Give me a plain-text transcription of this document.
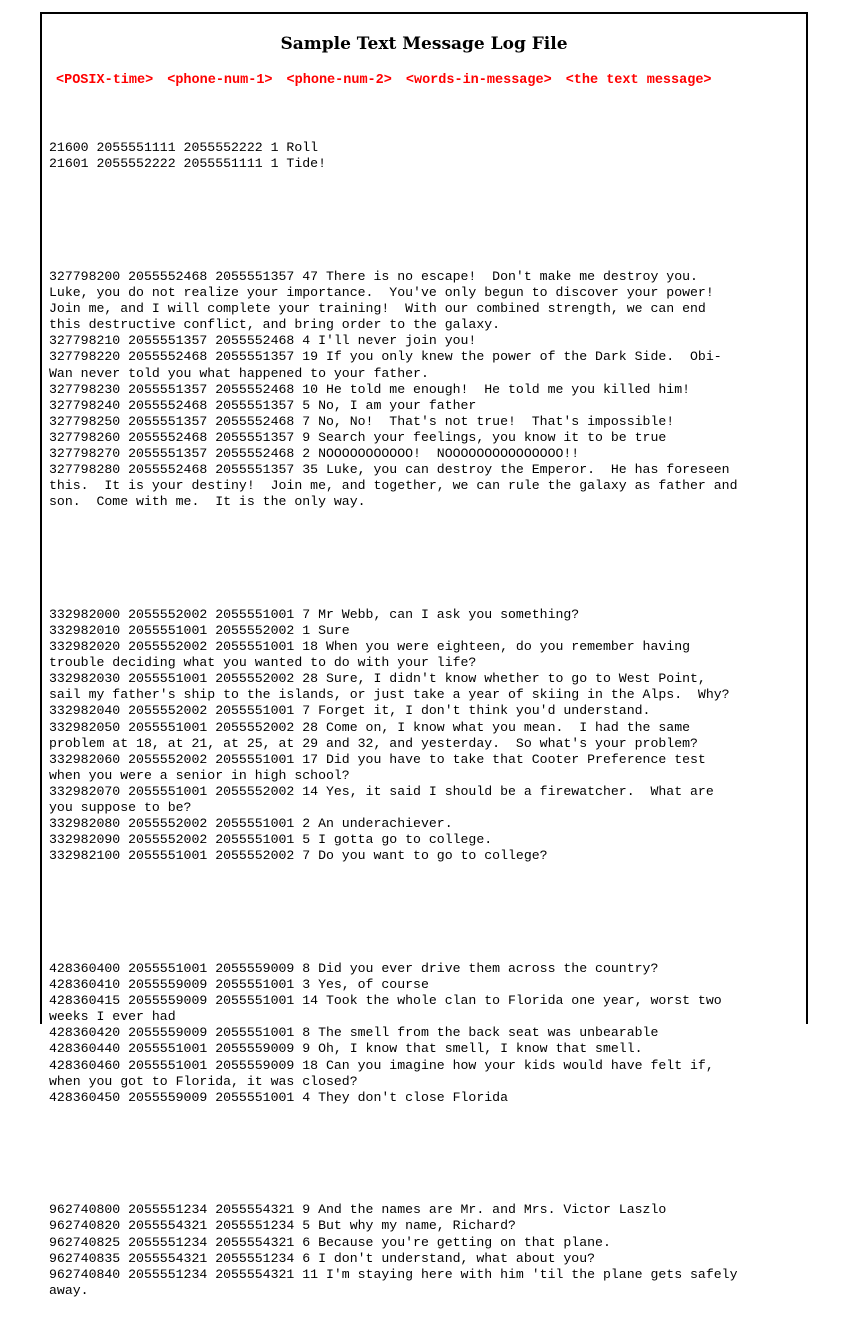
Sample Text Message Log File
<POSIX-time> <phone-num-1> <phone-num-2> <words-in-message> <the text message>

21600 2055551111 2055552222 1 Roll
21601 2055552222 2055551111 1 Tide!

327798200 2055552468 2055551357 47 There is no escape!  Don't make me destroy you.
Luke, you do not realize your importance.  You've only begun to discover your power!
Join me, and I will complete your training!  With our combined strength, we can end
this destructive conflict, and bring order to the galaxy.
327798210 2055551357 2055552468 4 I'll never join you!
327798220 2055552468 2055551357 19 If you only knew the power of the Dark Side.  Obi-
Wan never told you what happened to your father.
327798230 2055551357 2055552468 10 He told me enough!  He told me you killed him!
327798240 2055552468 2055551357 5 No, I am your father
327798250 2055551357 2055552468 7 No, No!  That's not true!  That's impossible!
327798260 2055552468 2055551357 9 Search your feelings, you know it to be true
327798270 2055551357 2055552468 2 NOOOOOOOOOOO!  NOOOOOOOOOOOOOOO!!
327798280 2055552468 2055551357 35 Luke, you can destroy the Emperor.  He has foreseen
this.  It is your destiny!  Join me, and together, we can rule the galaxy as father and
son.  Come with me.  It is the only way.

332982000 2055552002 2055551001 7 Mr Webb, can I ask you something?
332982010 2055551001 2055552002 1 Sure
332982020 2055552002 2055551001 18 When you were eighteen, do you remember having
trouble deciding what you wanted to do with your life?
332982030 2055551001 2055552002 28 Sure, I didn't know whether to go to West Point,
sail my father's ship to the islands, or just take a year of skiing in the Alps.  Why?
332982040 2055552002 2055551001 7 Forget it, I don't think you'd understand.
332982050 2055551001 2055552002 28 Come on, I know what you mean.  I had the same
problem at 18, at 21, at 25, at 29 and 32, and yesterday.  So what's your problem?
332982060 2055552002 2055551001 17 Did you have to take that Cooter Preference test
when you were a senior in high school?
332982070 2055551001 2055552002 14 Yes, it said I should be a firewatcher.  What are
you suppose to be?
332982080 2055552002 2055551001 2 An underachiever.
332982090 2055552002 2055551001 5 I gotta go to college.
332982100 2055551001 2055552002 7 Do you want to go to college?

428360400 2055551001 2055559009 8 Did you ever drive them across the country?
428360410 2055559009 2055551001 3 Yes, of course
428360415 2055559009 2055551001 14 Took the whole clan to Florida one year, worst two
weeks I ever had
428360420 2055559009 2055551001 8 The smell from the back seat was unbearable
428360440 2055551001 2055559009 9 Oh, I know that smell, I know that smell.
428360460 2055551001 2055559009 18 Can you imagine how your kids would have felt if,
when you got to Florida, it was closed?
428360450 2055559009 2055551001 4 They don't close Florida

962740800 2055551234 2055554321 9 And the names are Mr. and Mrs. Victor Laszlo
962740820 2055554321 2055551234 5 But why my name, Richard?
962740825 2055551234 2055554321 6 Because you're getting on that plane.
962740835 2055554321 2055551234 6 I don't understand, what about you?
962740840 2055551234 2055554321 11 I'm staying here with him 'til the plane gets safely
away.
